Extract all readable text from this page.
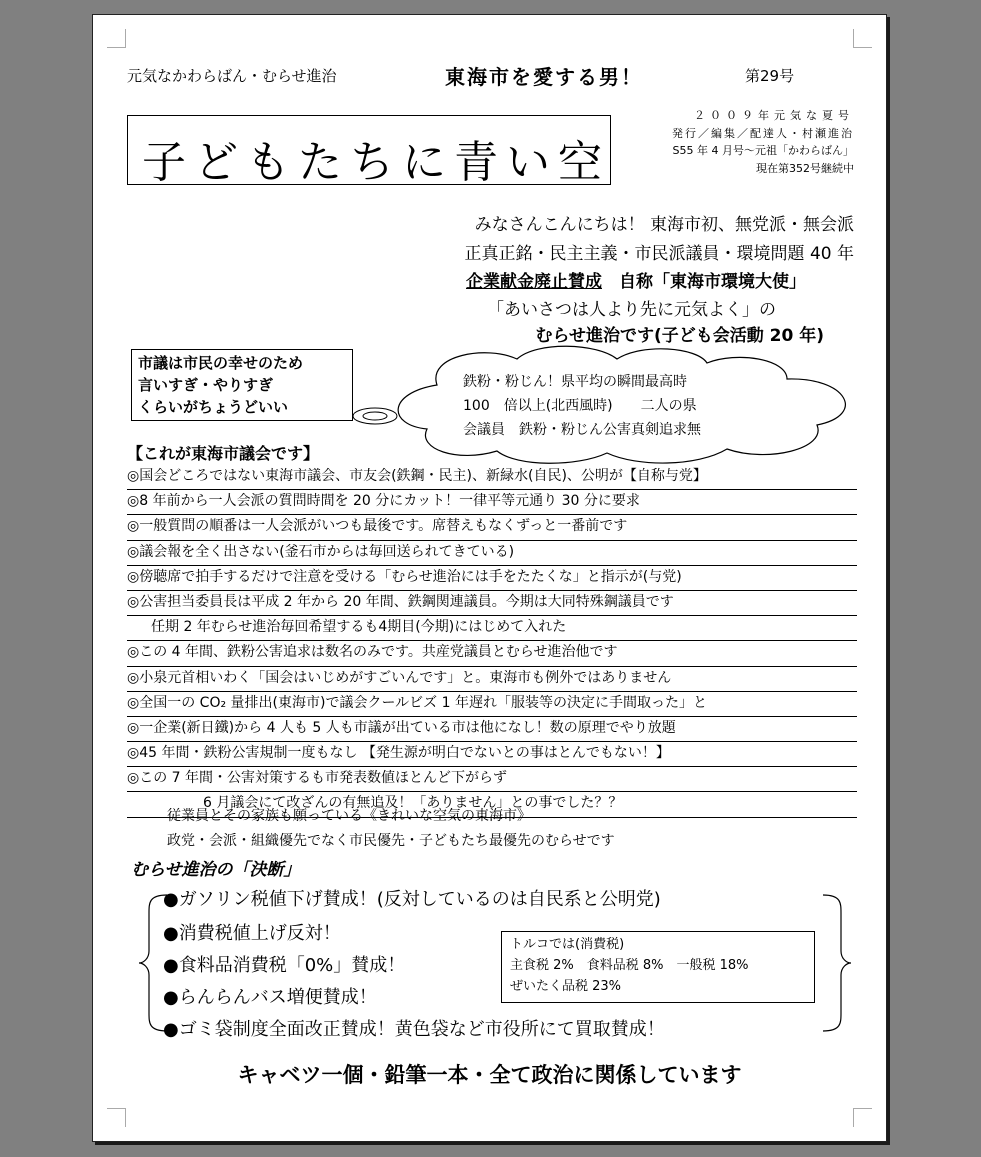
元気なかわらばん・むらせ進治	東海市を愛する男！	第29号
子どもたちに青い空
２００９年元気な夏号
発行／編集／配達人・村瀬進治
S55 年 4 月号～元祖「かわらばん」
現在第352号継続中
みなさんこんにちは！ 東海市初、無党派・無会派
正真正銘・民主主義・市民派議員・環境問題 40 年
企業献金廃止賛成　自称「東海市環境大使」
「あいさつは人より先に元気よく」の
むらせ進治です(子ども会活動 20 年)
市議は市民の幸せのため
言いすぎ・やりすぎ
くらいがちょうどいい
鉄粉・粉じん！県平均の瞬間最高時
100　倍以上(北西風時)　　二人の県
会議員　鉄粉・粉じん公害真剣追求無
【これが東海市議会です】
◎国会どころではない東海市議会、市友会(鉄鋼・民主)、新緑水(自民)、公明が【自称与党】
◎8 年前から一人会派の質問時間を 20 分にカット！一律平等元通り 30 分に要求
◎一般質問の順番は一人会派がいつも最後です。席替えもなくずっと一番前です
◎議会報を全く出さない(釜石市からは毎回送られてきている)
◎傍聴席で拍手するだけで注意を受ける「むらせ進治には手をたたくな」と指示が(与党)
◎公害担当委員長は平成 2 年から 20 年間、鉄鋼関連議員。今期は大同特殊鋼議員です
任期 2 年むらせ進治毎回希望するも4期目(今期)にはじめて入れた
◎この 4 年間、鉄粉公害追求は数名のみです。共産党議員とむらせ進治他です
◎小泉元首相いわく「国会はいじめがすごいんです」と。東海市も例外ではありません
◎全国一の CO₂ 量排出(東海市)で議会クールビズ 1 年遅れ「服装等の決定に手間取った」と
◎一企業(新日鐵)から 4 人も 5 人も市議が出ている市は他になし！数の原理でやり放題
◎45 年間・鉄粉公害規制一度もなし 【発生源が明白でないとの事はとんでもない！】
◎この 7 年間・公害対策するも市発表数値ほとんど下がらず
6 月議会にて改ざんの有無追及！「ありません」との事でした？？
従業員とその家族も願っている《きれいな空気の東海市》
政党・会派・組織優先でなく市民優先・子どもたち最優先のむらせです
むらせ進治の「決断」
●ガソリン税値下げ賛成！(反対しているのは自民系と公明党)
●消費税値上げ反対！
●食料品消費税「0%」賛成！
●らんらんバス増便賛成！
●ゴミ袋制度全面改正賛成！黄色袋など市役所にて買取賛成！
トルコでは(消費税)
主食税 2%　食料品税 8%　一般税 18%
ぜいたく品税 23%
キャベツ一個・鉛筆一本・全て政治に関係しています
